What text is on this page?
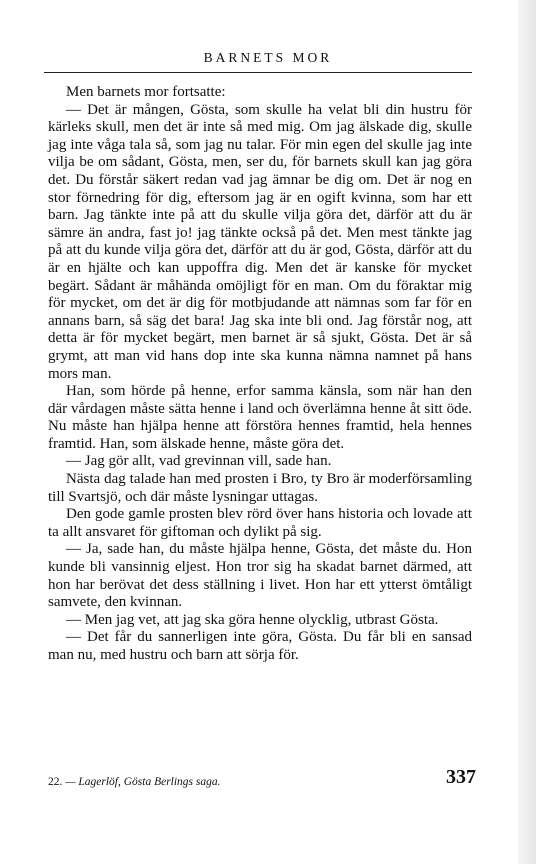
BARNETS MOR

Men barnets mor fortsatte:

— Det är mången, Gösta, som skulle ha velat bli din hustru för kärleks skull, men det är inte så med mig. Om jag älskade dig, skulle jag inte våga tala så, som jag nu talar. För min egen del skulle jag inte vilja be om sådant, Gösta, men, ser du, för barnets skull kan jag göra det. Du förstår säkert redan vad jag ämnar be dig om. Det är nog en stor förnedring för dig, eftersom jag är en ogift kvinna, som har ett barn. Jag tänkte inte på att du skulle vilja göra det, därför att du är sämre än andra, fast jo! jag tänkte också på det. Men mest tänkte jag på att du kunde vilja göra det, därför att du är god, Gösta, därför att du är en hjälte och kan uppoffra dig. Men det är kanske för mycket begärt. Sådant är måhända omöjligt för en man. Om du föraktar mig för mycket, om det är dig för motbjudande att nämnas som far för en annans barn, så säg det bara! Jag ska inte bli ond. Jag förstår nog, att detta är för mycket begärt, men barnet är så sjukt, Gösta. Det är så grymt, att man vid hans dop inte ska kunna nämna namnet på hans mors man.

Han, som hörde på henne, erfor samma känsla, som när han den där vårdagen måste sätta henne i land och överlämna henne åt sitt öde. Nu måste han hjälpa henne att förstöra hennes framtid, hela hennes framtid. Han, som älskade henne, måste göra det.

— Jag gör allt, vad grevinnan vill, sade han.

Nästa dag talade han med prosten i Bro, ty Bro är moderförsamling till Svartsjö, och där måste lysningar uttagas.

Den gode gamle prosten blev rörd över hans historia och lovade att ta allt ansvaret för giftoman och dylikt på sig.

— Ja, sade han, du måste hjälpa henne, Gösta, det måste du. Hon kunde bli vansinnig eljest. Hon tror sig ha skadat barnet därmed, att hon har berövat det dess ställning i livet. Hon har ett ytterst ömtåligt samvete, den kvinnan.

— Men jag vet, att jag ska göra henne olycklig, utbrast Gösta.

— Det får du sannerligen inte göra, Gösta. Du får bli en sansad man nu, med hustru och barn att sörja för.

22. — Lagerlöf, Gösta Berlings saga.	337
